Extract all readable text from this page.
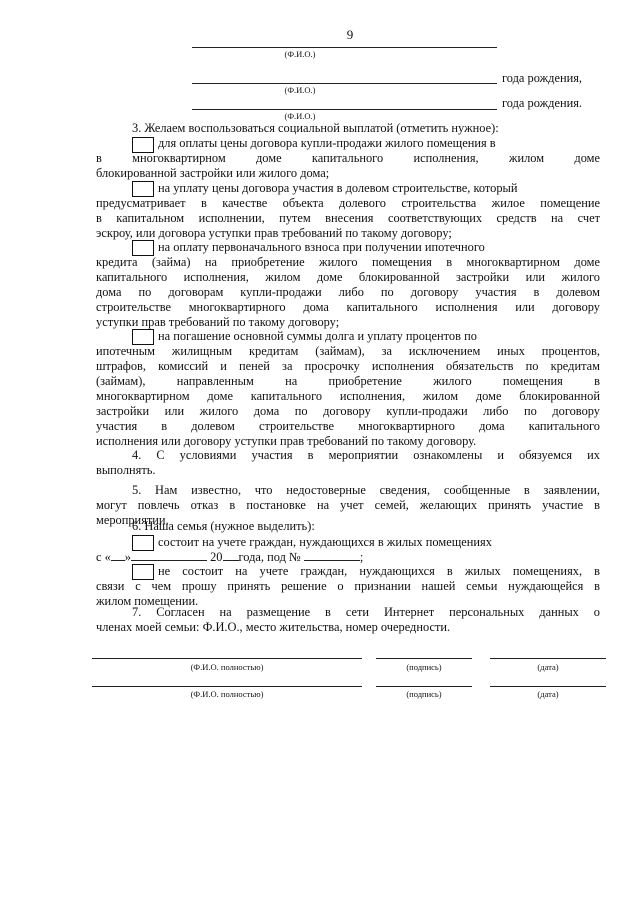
9
(Ф.И.О.)
года рождения,
(Ф.И.О.)
года рождения.
(Ф.И.О.)
3. Желаем воспользоваться социальной выплатой (отметить нужное):
для оплаты цены договора купли-продажи жилого помещения в
в многоквартирном доме капитального исполнения, жилом доме
блокированной застройки или жилого дома;
на уплату цены договора участия в долевом строительстве, который
предусматривает в качестве объекта долевого строительства жилое помещение
в капитальном исполнении, путем внесения соответствующих средств на счет
эскроу, или договора уступки прав требований по такому договору;
на оплату первоначального взноса при получении ипотечного
кредита (займа) на приобретение жилого помещения в многоквартирном доме
капитального исполнения, жилом доме блокированной застройки или жилого
дома по договорам купли-продажи либо по договору участия в долевом
строительстве многоквартирного дома капитального исполнения или договору
уступки прав требований по такому договору;
на погашение основной суммы долга и уплату процентов по
ипотечным жилищным кредитам (займам), за исключением иных процентов,
штрафов, комиссий и пеней за просрочку исполнения обязательств по кредитам
(займам), направленным на приобретение жилого помещения в
многоквартирном доме капитального исполнения, жилом доме блокированной
застройки или жилого дома по договору купли-продажи либо по договору
участия в долевом строительстве многоквартирного дома капитального
исполнения или договору уступки прав требований по такому договору.
4. С условиями участия в мероприятии ознакомлены и обязуемся их
выполнять.
5. Нам известно, что недостоверные сведения, сообщенные в заявлении,
могут повлечь отказ в постановке на учет семей, желающих принять участие в
мероприятии.
6. Наша семья (нужное выделить):
состоит на учете граждан, нуждающихся в жилых помещениях
с « »	20 года, под №	;
не состоит на учете граждан, нуждающихся в жилых помещениях, в
связи с чем прошу принять решение о признании нашей семьи нуждающейся в
жилом помещении.
7. Согласен на размещение в сети Интернет персональных данных о
членах моей семьи: Ф.И.О., место жительства, номер очередности.
(Ф.И.О. полностью)	(подпись)	(дата)
(Ф.И.О. полностью)	(подпись)	(дата)
